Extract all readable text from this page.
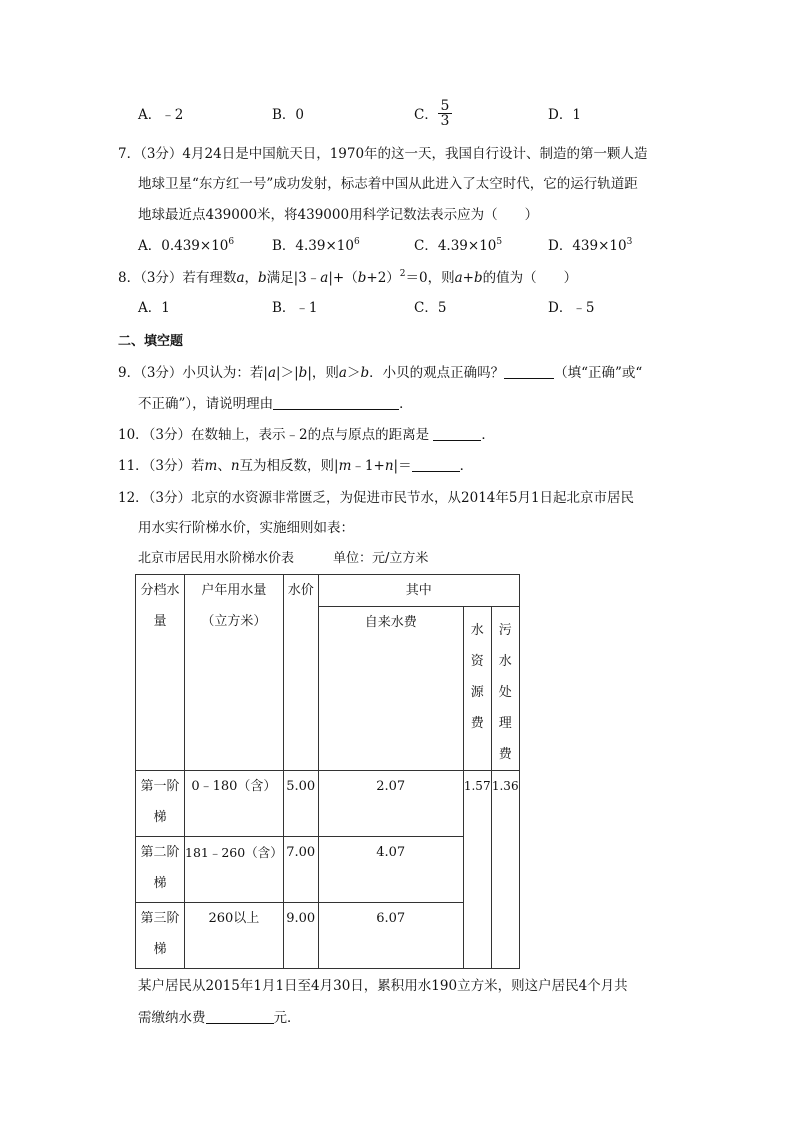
A．﹣2	B．0	C． $\frac{5}{3}$	D．1
7．（3分）4月24日是中国航天日，1970年的这一天，我国自行设计、制造的第一颗人造
地球卫星“东方红一号”成功发射，标志着中国从此进入了太空时代，它的运行轨道距
地球最近点439000米，将439000用科学记数法表示应为（　　）
A．$0.439\times 10^6$	B．$4.39\times 10^6$	C．$4.39\times 10^5$	D．$439\times 10^3$
8．（3分）若有理数a，b满足$|3﹣a|+(b+2)^2=0$，则a+b的值为（　　）
A．1	B．﹣1	C．5	D．﹣5
二、填空题
9．（3分）小贝认为：若|a|＞|b|，则a＞b．小贝的观点正确吗？	（填“正确”或“
不正确”），请说明理由	．
10．（3分）在数轴上，表示﹣2的点与原点的距离是	．
11．（3分）若m、n互为相反数，则|m﹣1+n|＝	．
12．（3分）北京的水资源非常匮乏，为促进市民节水，从2014年5月1日起北京市居民
用水实行阶梯水价，实施细则如表：
北京市居民用水阶梯水价表　　　单位：元/立方米
分档水量	户年用水量（立方米）	水价	其中		
			自来水费	水资源费	污水处理费

第一阶梯	0﹣180（含）	5.00	2.07	1.57	1.36

第二阶梯	181﹣260（含）	7.00	4.07		

第三阶梯	260以上	9.00	6.07		
某户居民从2015年1月1日至4月30日，累积用水190立方米，则这户居民4个月共
需缴纳水费	元．
